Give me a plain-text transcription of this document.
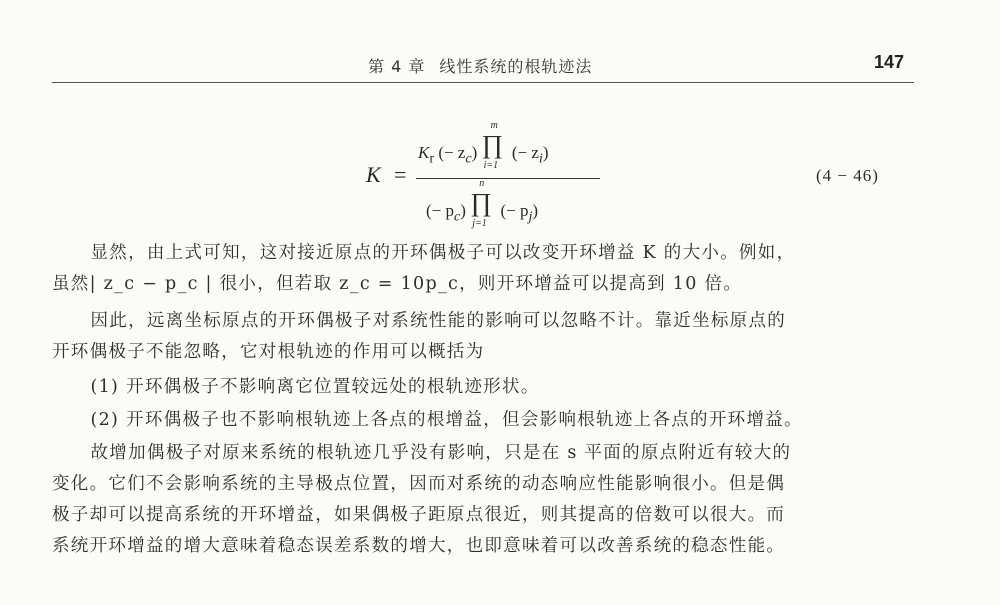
第 4 章 线性系统的根轨迹法	147
K =
$K_r$ (− $z_c$) ∏
m
i=1
(− $z_i$)
(− $p_c$) ∏
n
j=1
(− $p_j$)
(4 − 46)

显然，由上式可知，这对接近原点的开环偶极子可以改变开环增益 K 的大小。例如，

虽然| z_c − p_c | 很小，但若取 z_c = 10p_c，则开环增益可以提高到 10 倍。

因此，远离坐标原点的开环偶极子对系统性能的影响可以忽略不计。靠近坐标原点的

开环偶极子不能忽略，它对根轨迹的作用可以概括为

(1) 开环偶极子不影响离它位置较远处的根轨迹形状。

(2) 开环偶极子也不影响根轨迹上各点的根增益，但会影响根轨迹上各点的开环增益。

故增加偶极子对原来系统的根轨迹几乎没有影响，只是在 s 平面的原点附近有较大的

变化。它们不会影响系统的主导极点位置，因而对系统的动态响应性能影响很小。但是偶

极子却可以提高系统的开环增益，如果偶极子距原点很近，则其提高的倍数可以很大。而

系统开环增益的增大意味着稳态误差系数的增大，也即意味着可以改善系统的稳态性能。
